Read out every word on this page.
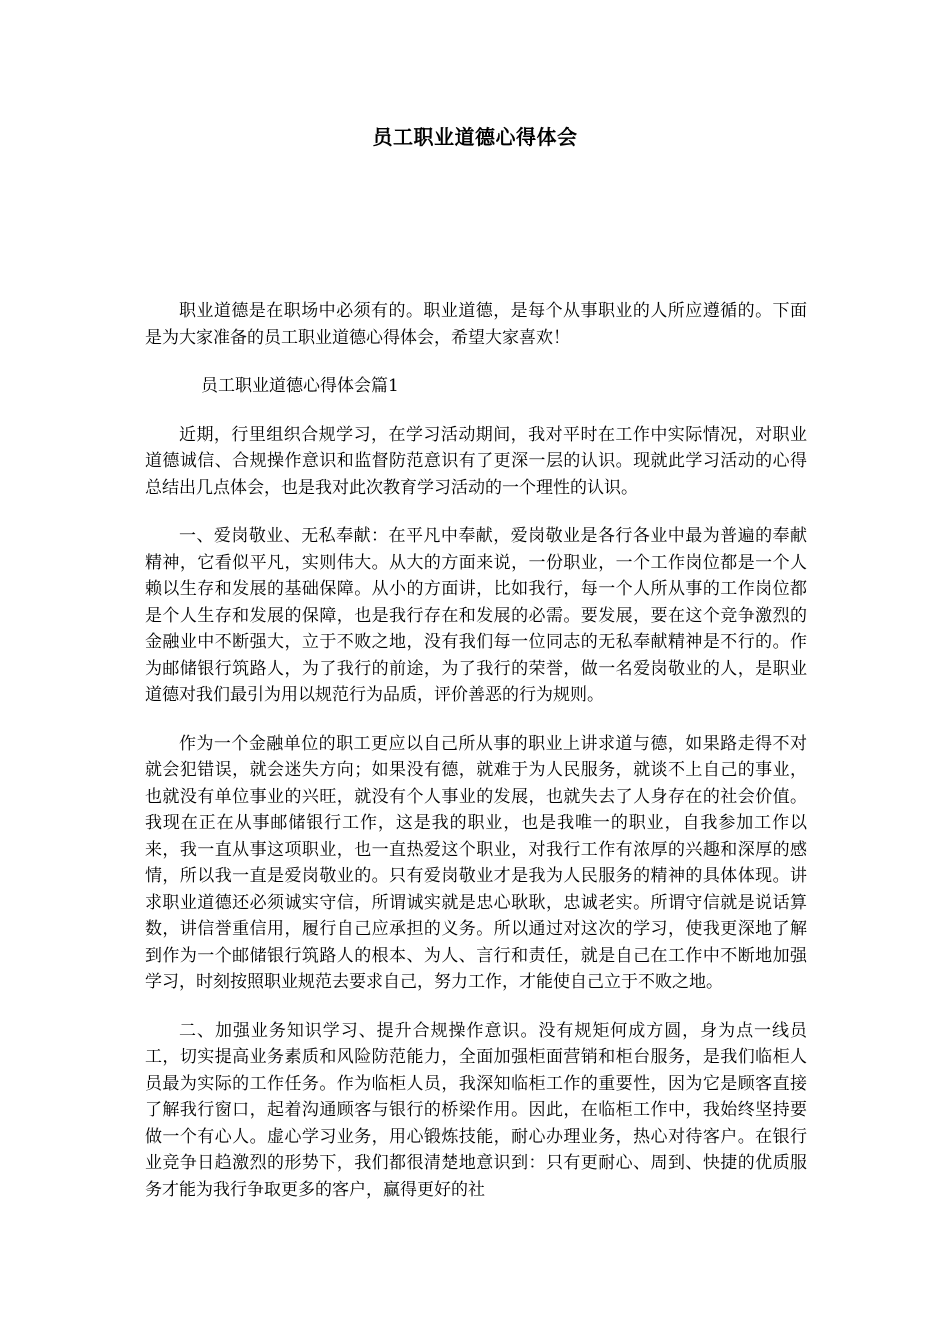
员工职业道德心得体会

职业道德是在职场中必须有的。职业道德，是每个从事职业的人所应遵循的。下面是为大家准备的员工职业道德心得体会，希望大家喜欢！

员工职业道德心得体会篇1

近期，行里组织合规学习，在学习活动期间，我对平时在工作中实际情况，对职业道德诚信、合规操作意识和监督防范意识有了更深一层的认识。现就此学习活动的心得总结出几点体会，也是我对此次教育学习活动的一个理性的认识。

一、爱岗敬业、无私奉献：在平凡中奉献，爱岗敬业是各行各业中最为普遍的奉献精神，它看似平凡，实则伟大。从大的方面来说，一份职业，一个工作岗位都是一个人赖以生存和发展的基础保障。从小的方面讲，比如我行，每一个人所从事的工作岗位都是个人生存和发展的保障，也是我行存在和发展的必需。要发展，要在这个竞争激烈的金融业中不断强大，立于不败之地，没有我们每一位同志的无私奉献精神是不行的。作为邮储银行筑路人，为了我行的前途，为了我行的荣誉，做一名爱岗敬业的人，是职业道德对我们最引为用以规范行为品质，评价善恶的行为规则。

作为一个金融单位的职工更应以自己所从事的职业上讲求道与德，如果路走得不对就会犯错误，就会迷失方向；如果没有德，就难于为人民服务，就谈不上自己的事业，也就没有单位事业的兴旺，就没有个人事业的发展，也就失去了人身存在的社会价值。我现在正在从事邮储银行工作，这是我的职业，也是我唯一的职业，自我参加工作以来，我一直从事这项职业，也一直热爱这个职业，对我行工作有浓厚的兴趣和深厚的感情，所以我一直是爱岗敬业的。只有爱岗敬业才是我为人民服务的精神的具体体现。讲求职业道德还必须诚实守信，所谓诚实就是忠心耿耿，忠诚老实。所谓守信就是说话算数，讲信誉重信用，履行自己应承担的义务。所以通过对这次的学习，使我更深地了解到作为一个邮储银行筑路人的根本、为人、言行和责任，就是自己在工作中不断地加强学习，时刻按照职业规范去要求自己，努力工作，才能使自己立于不败之地。

二、加强业务知识学习、提升合规操作意识。没有规矩何成方圆，身为点一线员工，切实提高业务素质和风险防范能力，全面加强柜面营销和柜台服务，是我们临柜人员最为实际的工作任务。作为临柜人员，我深知临柜工作的重要性，因为它是顾客直接了解我行窗口，起着沟通顾客与银行的桥梁作用。因此，在临柜工作中，我始终坚持要做一个有心人。虚心学习业务，用心锻炼技能，耐心办理业务，热心对待客户。在银行业竞争日趋激烈的形势下，我们都很清楚地意识到：只有更耐心、周到、快捷的优质服务才能为我行争取更多的客户，赢得更好的社
